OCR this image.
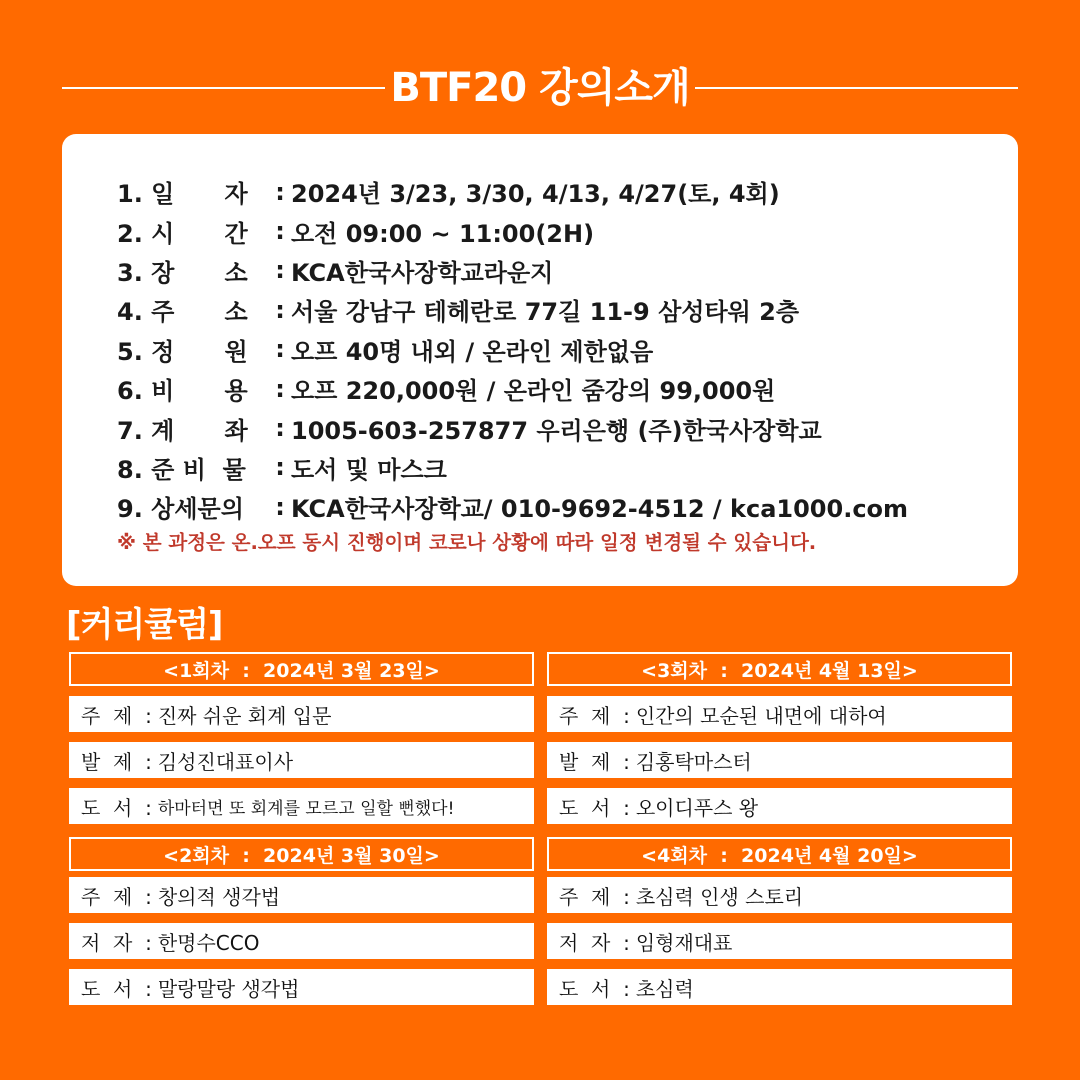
BTF20 강의소개
1. 일      자	: 2024년 3/23, 3/30, 4/13, 4/27(토, 4회)
2. 시      간	: 오전 09:00 ~ 11:00(2H)
3. 장      소	: KCA한국사장학교라운지
4. 주      소	: 서울 강남구 테헤란로 77길 11-9 삼성타워 2층
5. 정      원	: 오프 40명 내외 / 온라인 제한없음
6. 비      용	: 오프 220,000원 / 온라인 줌강의 99,000원
7. 계      좌	: 1005-603-257877 우리은행 (주)한국사장학교
8. 준 비  물	: 도서 및 마스크
9. 상세문의	: KCA한국사장학교/ 010-9692-4512 / kca1000.com
※ 본 과정은 온.오프 동시 진행이며 코로나 상황에 따라 일정 변경될 수 있습니다.
[커리큘럼]
<1회차  :  2024년 3월 23일>
주  제  : 진짜 쉬운 회계 입문
발  제  : 김성진대표이사
도  서  : 하마터면 또 회계를 모르고 일할 뻔했다!
<2회차  :  2024년 3월 30일>
주  제  : 창의적 생각법
저  자  : 한명수CCO
도  서  : 말랑말랑 생각법
<3회차  :  2024년 4월 13일>
주  제  : 인간의 모순된 내면에 대하여
발  제  : 김홍탁마스터
도  서  : 오이디푸스 왕
<4회차  :  2024년 4월 20일>
주  제  : 초심력 인생 스토리
저  자  : 임형재대표
도  서  : 초심력
